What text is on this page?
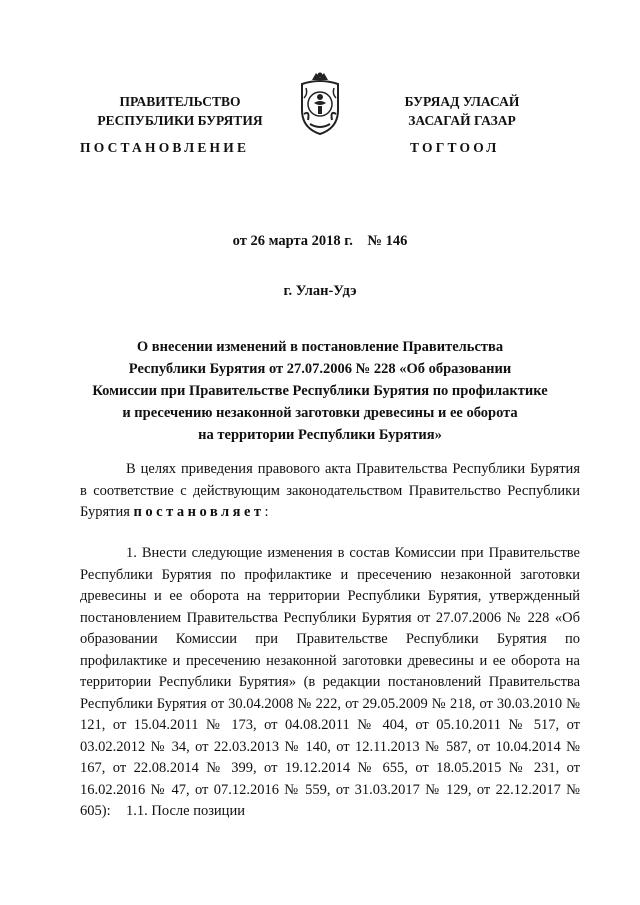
ПРАВИТЕЛЬСТВО
РЕСПУБЛИКИ БУРЯТИЯ
БУРЯАД УЛАСАЙ
ЗАСАГАЙ ГАЗАР
ПОСТАНОВЛЕНИЕ	ТОГТООЛ
от 26 марта 2018 г.    № 146
г. Улан-Удэ
О внесении изменений в постановление Правительства
Республики Бурятия от 27.07.2006 № 228 «Об образовании
Комиссии при Правительстве Республики Бурятия по профилактике
и пресечению незаконной заготовки древесины и ее оборота
на территории Республики Бурятия»
В целях приведения правового акта Правительства Республики Бурятия в соответствие с действующим законодательством Правительство Республики Бурятия постановляет:
1. Внести следующие изменения в состав Комиссии при Правительстве Республики Бурятия по профилактике и пресечению незаконной заготовки древесины и ее оборота на территории Республики Бурятия, утвержденный постановлением Правительства Республики Бурятия от 27.07.2006 № 228 «Об образовании Комиссии при Правительстве Республики Бурятия по профилактике и пресечению незаконной заготовки древесины и ее оборота на территории Республики Бурятия» (в редакции постановлений Правительства Республики Бурятия от 30.04.2008 № 222, от 29.05.2009 № 218, от 30.03.2010 № 121, от 15.04.2011 № 173, от 04.08.2011 № 404, от 05.10.2011 № 517, от 03.02.2012 № 34, от 22.03.2013 № 140, от 12.11.2013 № 587, от 10.04.2014 № 167, от 22.08.2014 № 399, от 19.12.2014 № 655, от 18.05.2015 № 231, от 16.02.2016 № 47, от 07.12.2016 № 559, от 31.03.2017 № 129, от 22.12.2017 № 605):	1.1. После позиции
